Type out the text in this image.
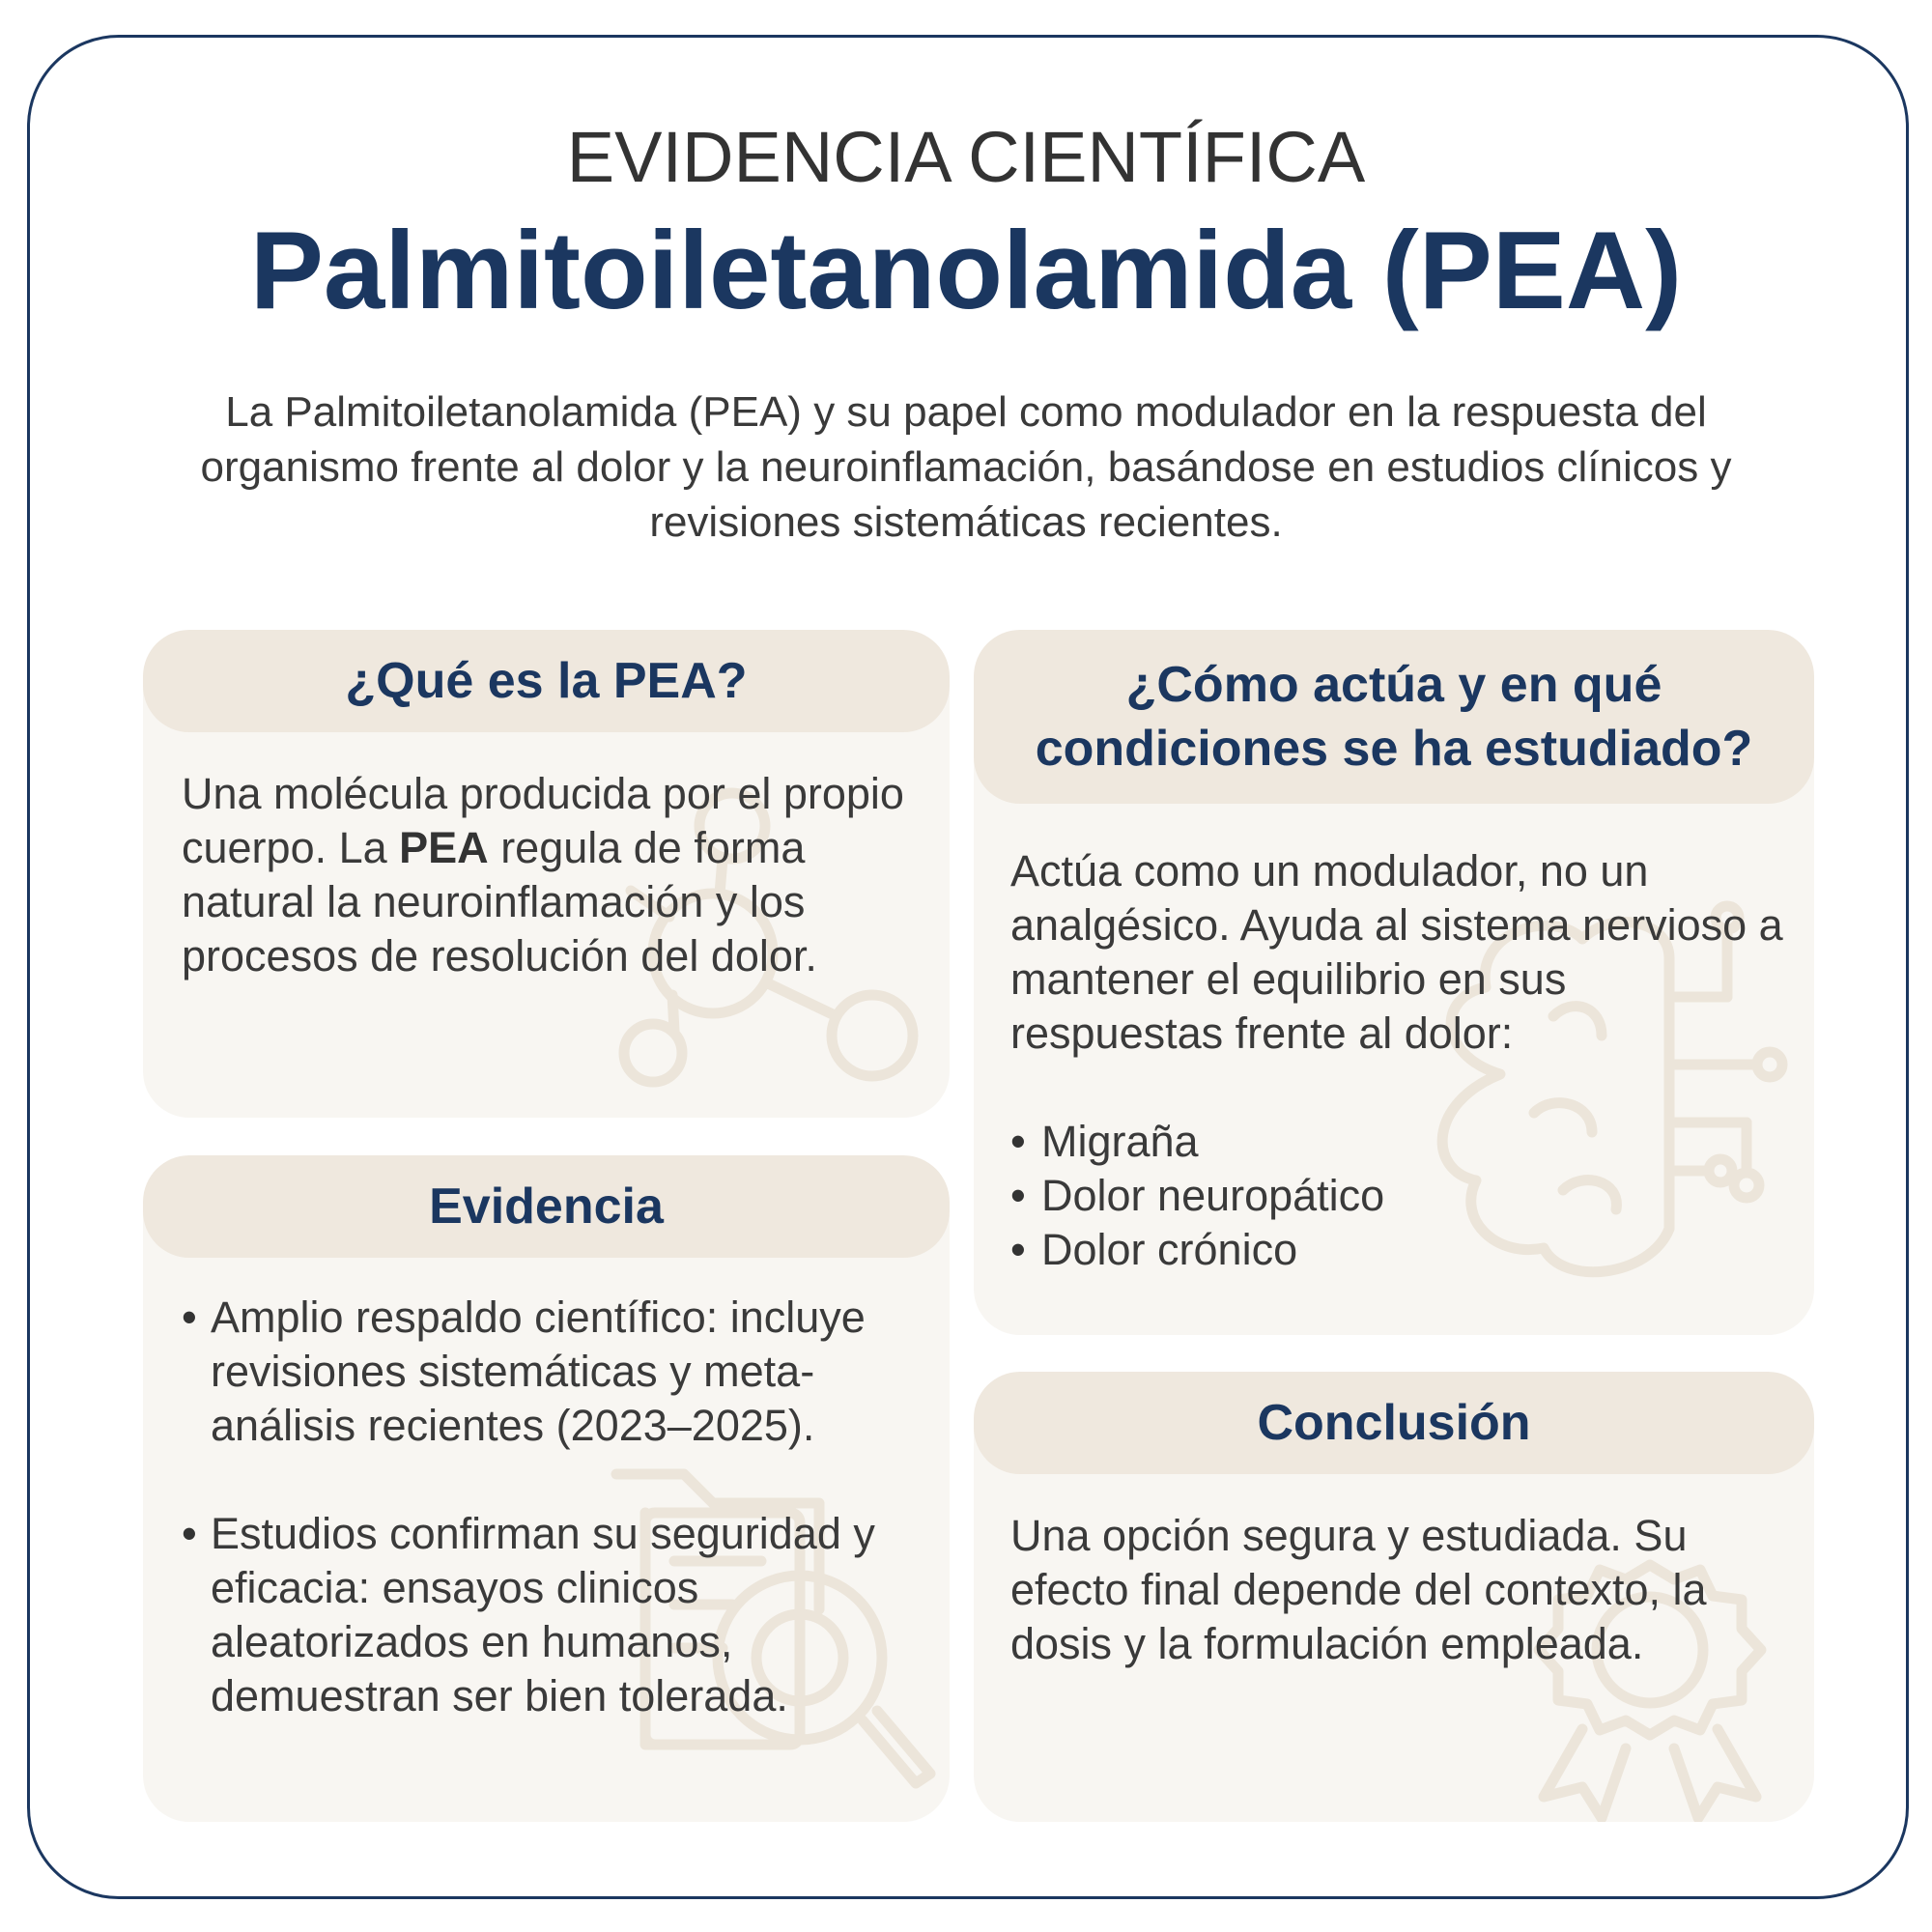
EVIDENCIA CIENTÍFICA
Palmitoiletanolamida (PEA)
La Palmitoiletanolamida (PEA) y su papel como modulador en la respuesta del organismo frente al dolor y la neuroinflamación, basándose en estudios clínicos y revisiones sistemáticas recientes.
¿Qué es la PEA?

Una molécula producida por el propio cuerpo. La PEA regula de forma natural la neuroinflamación y los procesos de resolución del dolor.

¿Cómo actúa y en qué condiciones se ha estudiado?

Actúa como un modulador, no un analgésico. Ayuda al sistema nervioso a mantener el equilibrio en sus respuestas frente al dolor:

• Migraña
• Dolor neuropático
• Dolor crónico
Evidencia
• Amplio respaldo científico: incluye revisiones sistemáticas y meta-análisis recientes (2023–2025).
• Estudios confirman su seguridad y eficacia: ensayos clinicos aleatorizados en humanos, demuestran ser bien tolerada.
Conclusión

Una opción segura y estudiada. Su efecto final depende del contexto, la dosis y la formulación empleada.
